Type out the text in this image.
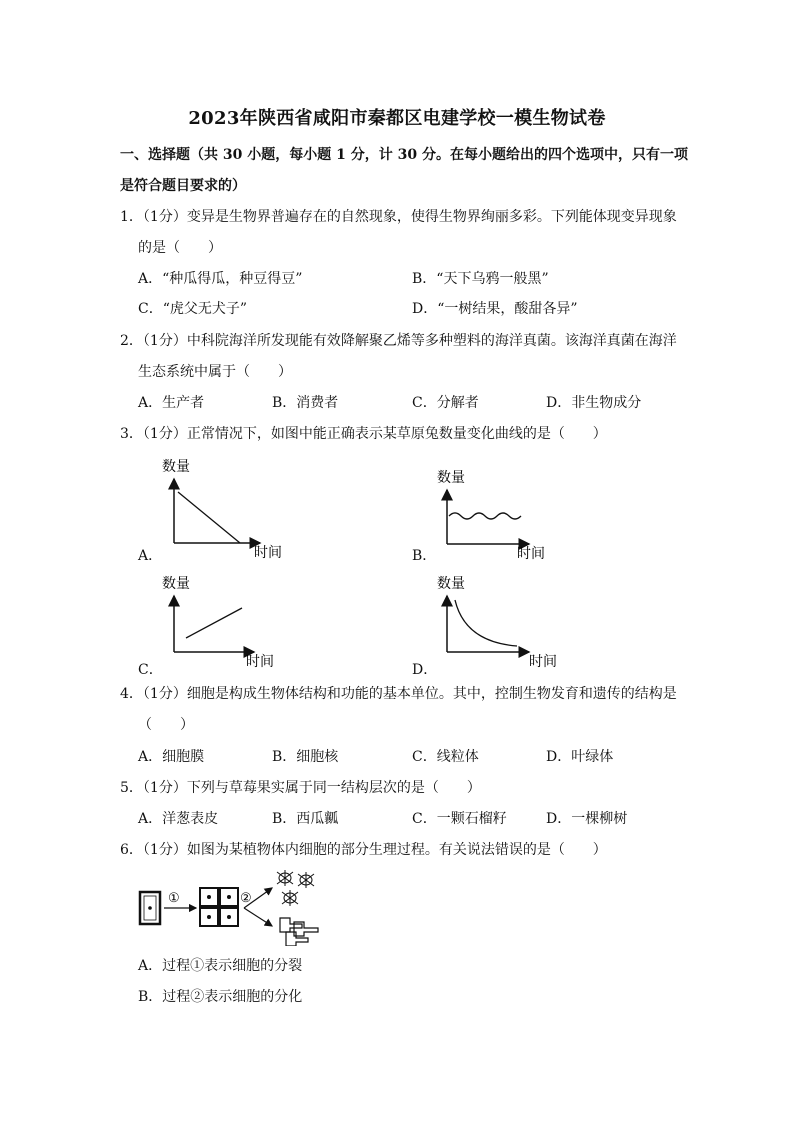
2023年陕西省咸阳市秦都区电建学校一模生物试卷
一、选择题（共 30 小题，每小题 1 分，计 30 分。在每小题给出的四个选项中，只有一项
是符合题目要求的）
1．（1分）变异是生物界普遍存在的自然现象，使得生物界绚丽多彩。下列能体现变异现象
的是（　　）
A．“种瓜得瓜，种豆得豆”	B．“天下乌鸦一般黑”
C．“虎父无犬子”	D．“一树结果，酸甜各异”
2．（1分）中科院海洋所发现能有效降解聚乙烯等多种塑料的海洋真菌。该海洋真菌在海洋
生态系统中属于（　　）
A．生产者	B．消费者	C．分解者	D．非生物成分
3．（1分）正常情况下，如图中能正确表示某草原兔数量变化曲线的是（　　）
A．	B．
C．	D．
数量
时间
数量
时间
数量
时间
数量
时间
4．（1分）细胞是构成生物体结构和功能的基本单位。其中，控制生物发育和遗传的结构是
（　　）
A．细胞膜	B．细胞核	C．线粒体	D．叶绿体
5．（1分）下列与草莓果实属于同一结构层次的是（　　）
A．洋葱表皮	B．西瓜瓤	C．一颗石榴籽	D．一棵柳树
6．（1分）如图为某植物体内细胞的部分生理过程。有关说法错误的是（　　）
①	②
A．过程①表示细胞的分裂
B．过程②表示细胞的分化
